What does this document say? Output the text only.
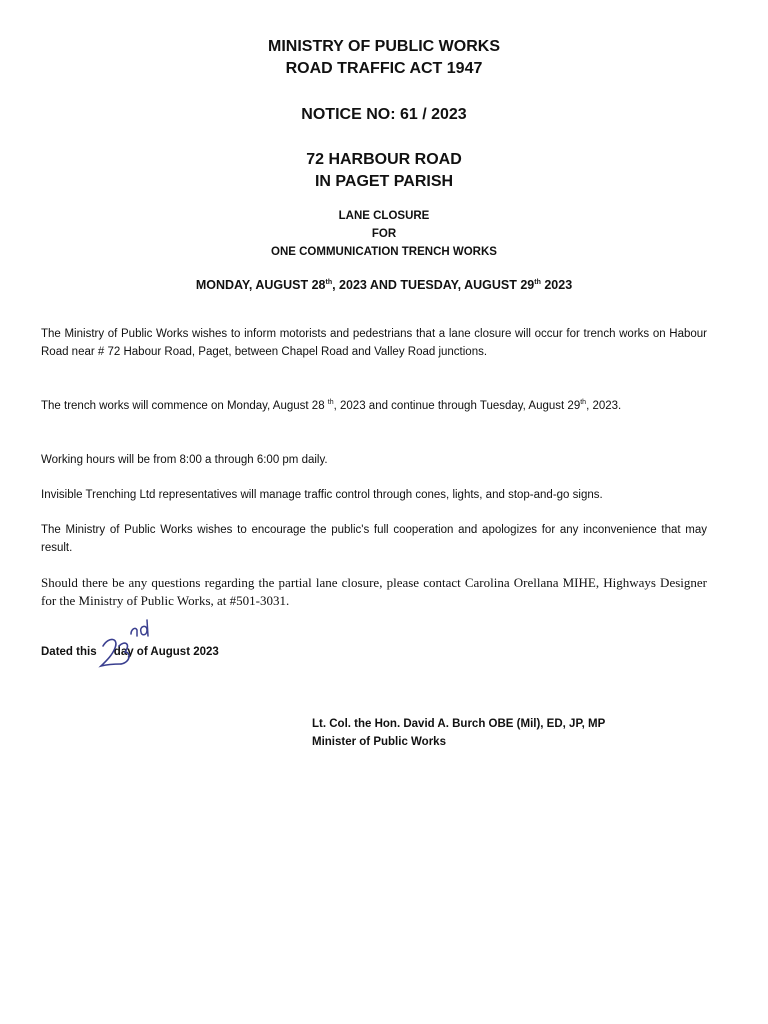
MINISTRY OF PUBLIC WORKS
ROAD TRAFFIC ACT 1947
NOTICE NO: 61 / 2023
72 HARBOUR ROAD
IN PAGET PARISH
LANE CLOSURE
FOR
ONE COMMUNICATION TRENCH WORKS
MONDAY, AUGUST 28th, 2023 AND TUESDAY, AUGUST 29th 2023
The Ministry of Public Works wishes to inform motorists and pedestrians that a lane closure will occur for trench works on Habour Road near # 72 Habour Road, Paget, between Chapel Road and Valley Road junctions.
The trench works will commence on Monday, August 28 $^{th}$, 2023 and continue through Tuesday, August 29th, 2023.
Working hours will be from 8:00 a through 6:00 pm daily.
Invisible Trenching Ltd representatives will manage traffic control through cones, lights, and stop-and-go signs.
The Ministry of Public Works wishes to encourage the public's full cooperation and apologizes for any inconvenience that may result.
Should there be any questions regarding the partial lane closure, please contact Carolina Orellana MIHE, Highways Designer for the Ministry of Public Works, at #501-3031.
Dated this day of August 2023
Lt. Col. the Hon. David A. Burch OBE (Mil), ED, JP, MP
Minister of Public Works
